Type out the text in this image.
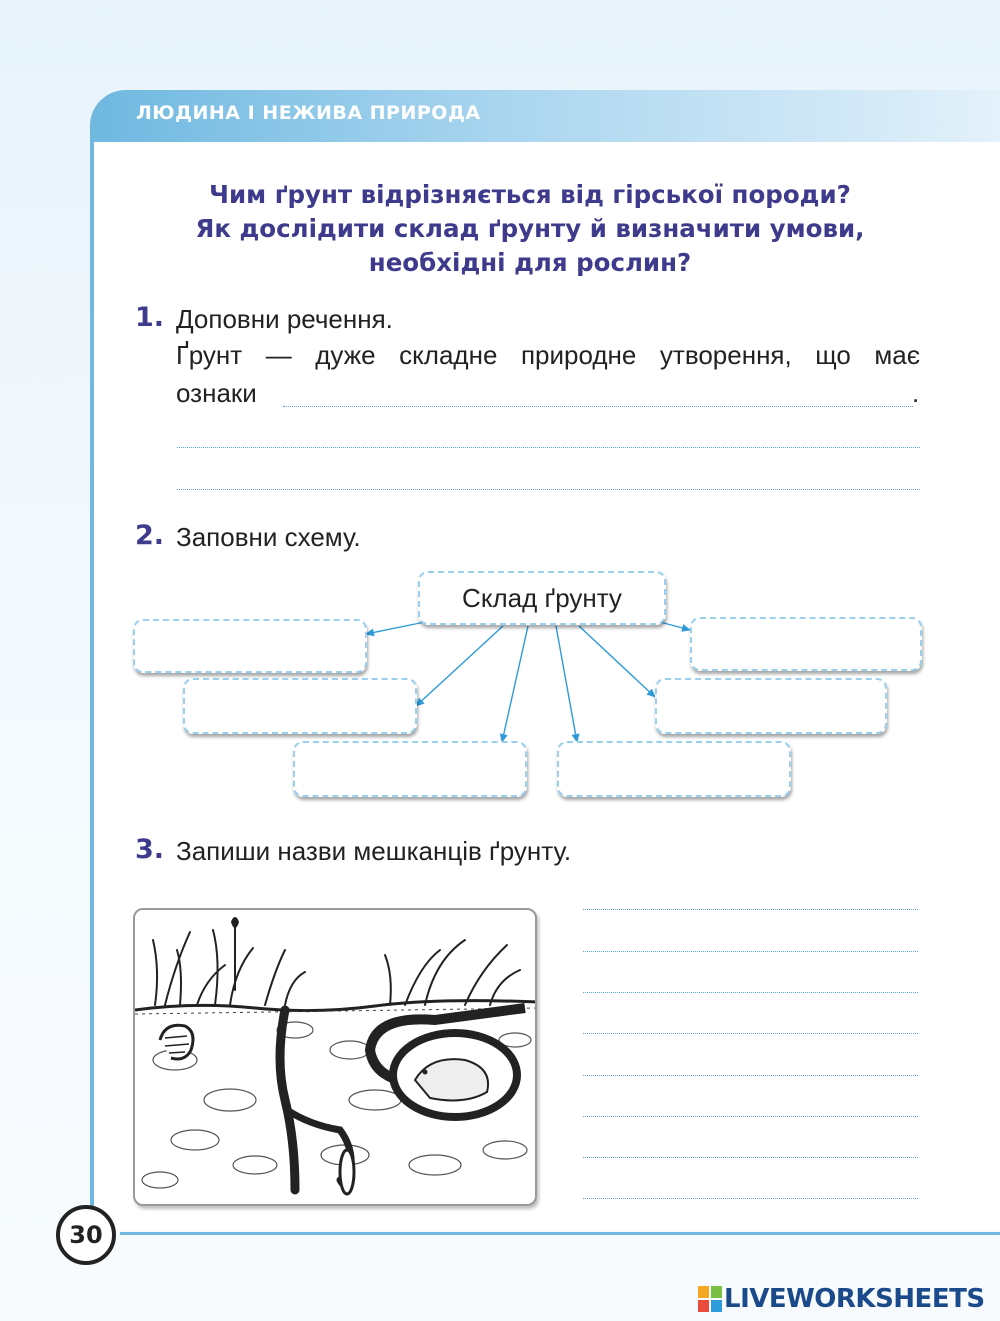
ЛЮДИНА І НЕЖИВА ПРИРОДА
Чим ґрунт відрізняється від гірської породи?
Як дослідити склад ґрунту й визначити умови,
необхідні для рослин?
1. Доповни речення.
Ґрунт — дуже складне природне утворення, що має
ознаки	.
2. Заповни схему.
Склад ґрунту
3. Запиши назви мешканців ґрунту.
30
LIVEWORKSHEETS
